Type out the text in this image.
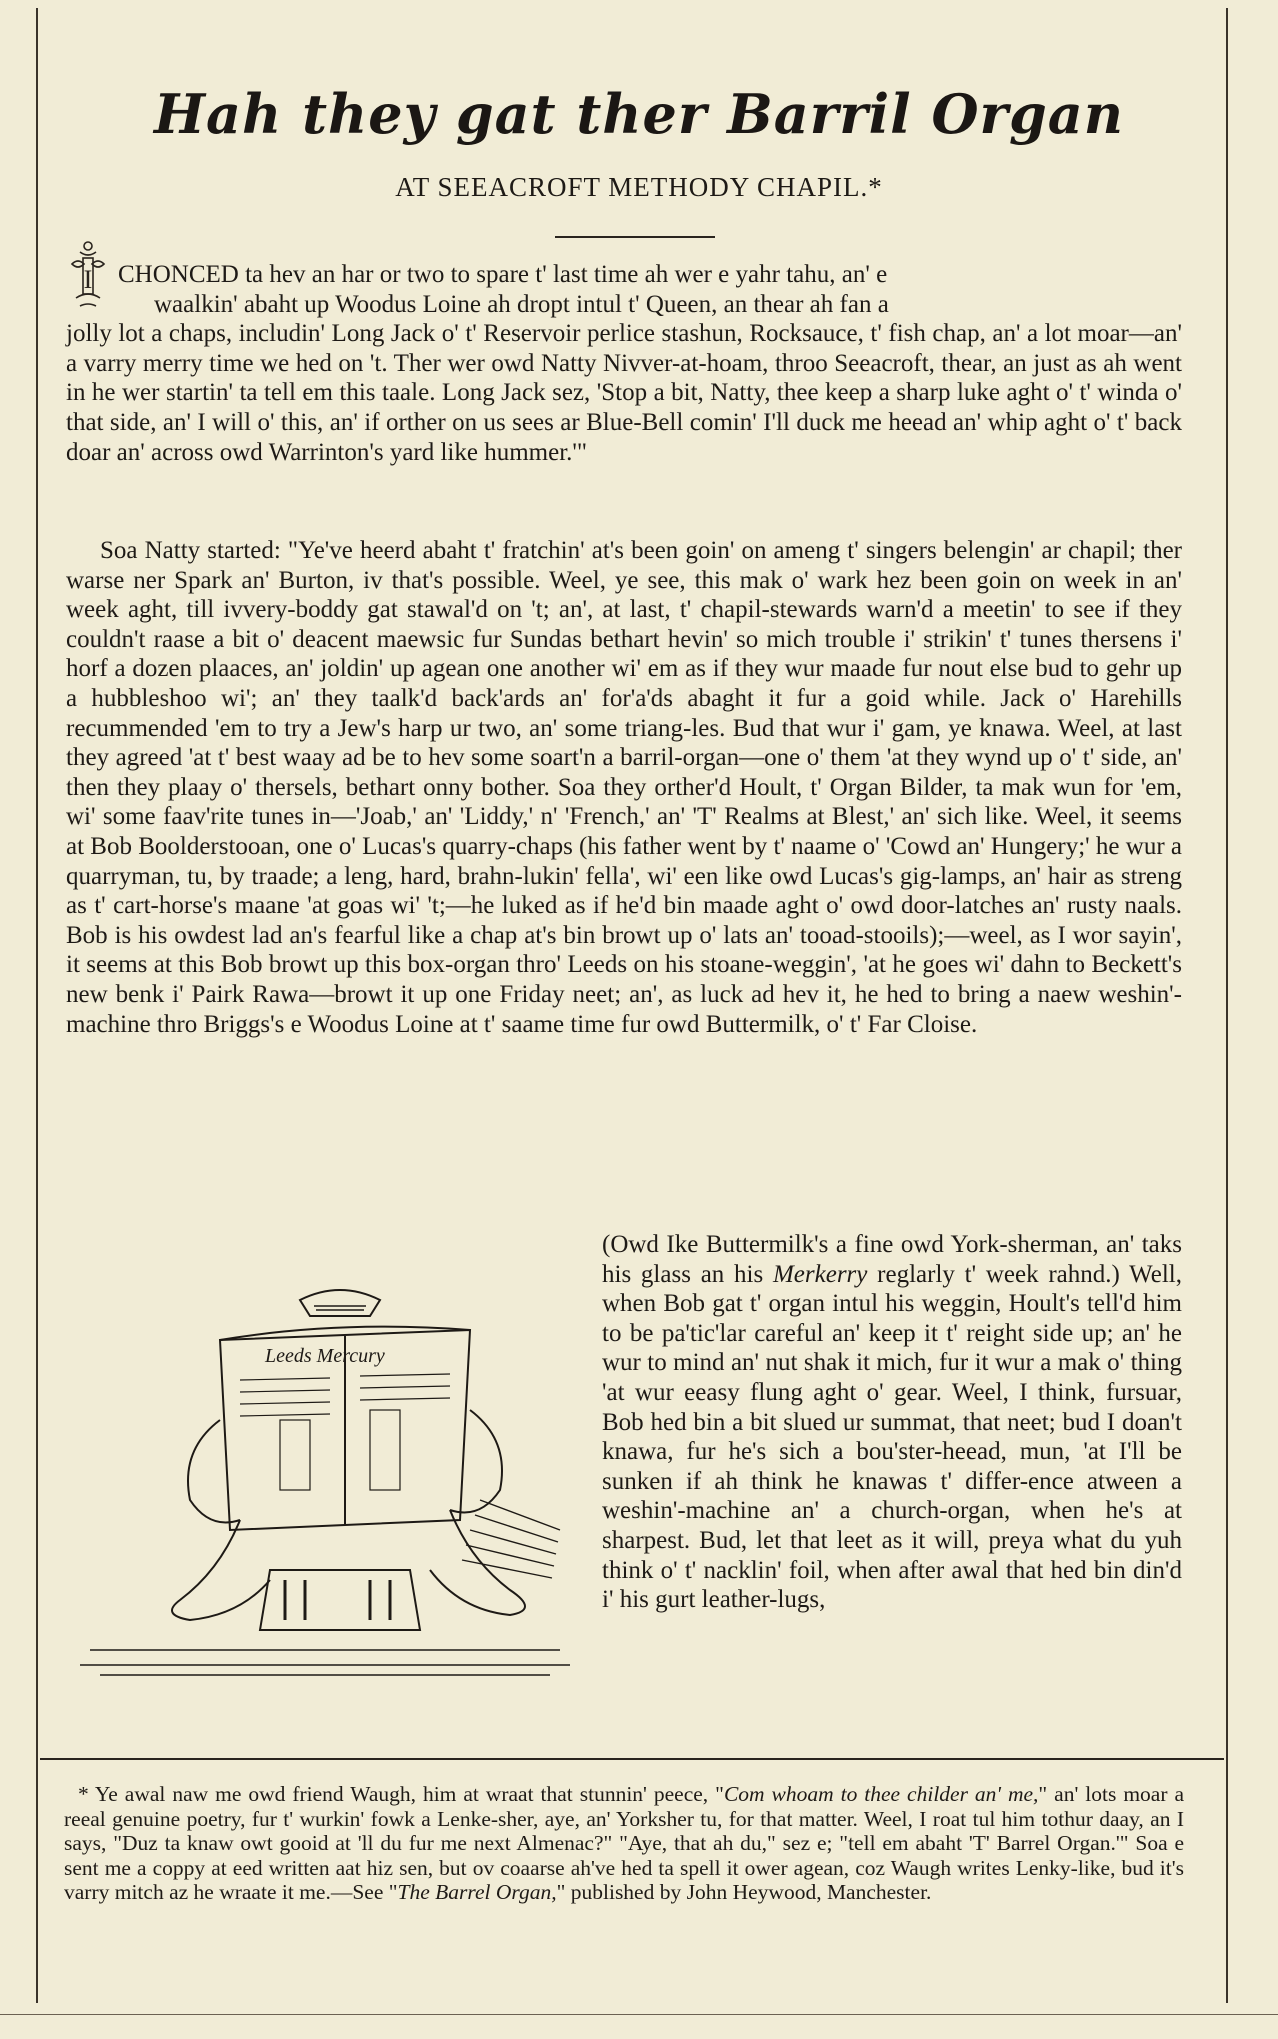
Hah they gat ther Barril Organ
AT SEEACROFT METHODY CHAPIL.*
I	CHONCED ta hev an har or two to spare t' last time ah wer e yahr tahu, an' e
waalkin' abaht up Woodus Loine ah dropt intul t' Queen, an thear ah fan a
jolly lot a chaps, includin' Long Jack o' t' Reservoir perlice stashun, Rocksauce, t' fish chap, an' a lot moar—an' a varry merry time we hed on 't. Ther wer owd Natty Nivver-at-hoam, throo Seeacroft, thear, an just as ah went in he wer startin' ta tell em this taale. Long Jack sez, 'Stop a bit, Natty, thee keep a sharp luke aght o' t' winda o' that side, an' I will o' this, an' if orther on us sees ar Blue-Bell comin' I'll duck me heead an' whip aght o' t' back doar an' across owd Warrinton's yard like hummer.'"
Soa Natty started: "Ye've heerd abaht t' fratchin' at's been goin' on ameng t' singers belengin' ar chapil; ther warse ner Spark an' Burton, iv that's possible. Weel, ye see, this mak o' wark hez been goin on week in an' week aght, till ivvery-boddy gat stawal'd on 't; an', at last, t' chapil-stewards warn'd a meetin' to see if they couldn't raase a bit o' deacent maewsic fur Sundas bethart hevin' so mich trouble i' strikin' t' tunes thersens i' horf a dozen plaaces, an' joldin' up agean one another wi' em as if they wur maade fur nout else bud to gehr up a hubbleshoo wi'; an' they taalk'd back'ards an' for'a'ds abaght it fur a goid while. Jack o' Harehills recummended 'em to try a Jew's harp ur two, an' some triang-les. Bud that wur i' gam, ye knawa. Weel, at last they agreed 'at t' best waay ad be to hev some soart'n a barril-organ—one o' them 'at they wynd up o' t' side, an' then they plaay o' thersels, bethart onny bother. Soa they orther'd Hoult, t' Organ Bilder, ta mak wun for 'em, wi' some faav'rite tunes in—'Joab,' an' 'Liddy,' n' 'French,' an' 'T' Realms at Blest,' an' sich like. Weel, it seems at Bob Boolderstooan, one o' Lucas's quarry-chaps (his father went by t' naame o' 'Cowd an' Hungery;' he wur a quarryman, tu, by traade; a leng, hard, brahn-lukin' fella', wi' een like owd Lucas's gig-lamps, an' hair as streng as t' cart-horse's maane 'at goas wi' 't;—he luked as if he'd bin maade aght o' owd door-latches an' rusty naals. Bob is his owdest lad an's fearful like a chap at's bin browt up o' lats an' tooad-stooils);—weel, as I wor sayin', it seems at this Bob browt up this box-organ thro' Leeds on his stoane-weggin', 'at he goes wi' dahn to Beckett's new benk i' Pairk Rawa—browt it up one Friday neet; an', as luck ad hev it, he hed to bring a naew weshin'-machine thro Briggs's e Woodus Loine at t' saame time fur owd Buttermilk, o' t' Far Cloise.
Leeds Mercury
(Owd Ike Buttermilk's a fine owd York-sherman, an' taks his glass an his Merkerry reglarly t' week rahnd.) Well, when Bob gat t' organ intul his weggin, Hoult's tell'd him to be pa'tic'lar careful an' keep it t' reight side up; an' he wur to mind an' nut shak it mich, fur it wur a mak o' thing 'at wur eeasy flung aght o' gear. Weel, I think, fursuar, Bob hed bin a bit slued ur summat, that neet; bud I doan't knawa, fur he's sich a bou'ster-heead, mun, 'at I'll be sunken if ah think he knawas t' differ-ence atween a weshin'-machine an' a church-organ, when he's at sharpest. Bud, let that leet as it will, preya what du yuh think o' t' nacklin' foil, when after awal that hed bin din'd i' his gurt leather-lugs,
* Ye awal naw me owd friend Waugh, him at wraat that stunnin' peece, "Com whoam to thee childer an' me," an' lots moar a reeal genuine poetry, fur t' wurkin' fowk a Lenke-sher, aye, an' Yorksher tu, for that matter. Weel, I roat tul him tothur daay, an I says, "Duz ta knaw owt gooid at 'll du fur me next Almenac?" "Aye, that ah du," sez e; "tell em abaht 'T' Barrel Organ.'" Soa e sent me a coppy at eed written aat hiz sen, but ov coaarse ah've hed ta spell it ower agean, coz Waugh writes Lenky-like, bud it's varry mitch az he wraate it me.—See "The Barrel Organ," published by John Heywood, Manchester.
